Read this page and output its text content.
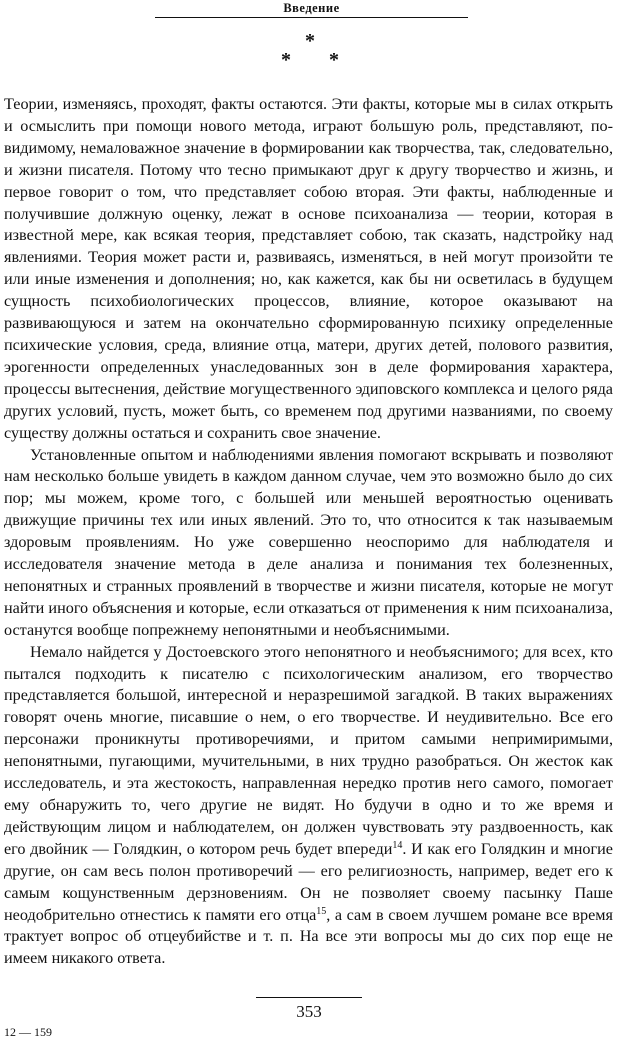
Введение
*
* *

Теории, изменяясь, проходят, факты остаются. Эти факты, которые мы в силах открыть и осмыслить при помощи нового метода, играют большую роль, представляют, по-видимому, немаловажное значение в формировании как творчества, так, следовательно, и жизни писателя. Потому что тесно примыкают друг к другу творчество и жизнь, и первое говорит о том, что представляет собою вторая. Эти факты, наблюденные и получившие должную оценку, лежат в основе психоанализа — теории, которая в известной мере, как всякая теория, представляет собою, так сказать, надстройку над явлениями. Теория может расти и, развиваясь, изменяться, в ней могут произойти те или иные изменения и дополнения; но, как кажется, как бы ни осветилась в будущем сущность психобиологических процессов, влияние, которое оказывают на развивающуюся и затем на окончательно сформированную психику определенные психические условия, среда, влияние отца, матери, других детей, полового развития, эрогенности определенных унаследованных зон в деле формирования характера, процессы вытеснения, действие могущественного эдиповского комплекса и целого ряда других условий, пусть, может быть, со временем под другими названиями, по своему существу должны остаться и сохранить свое значение.

Установленные опытом и наблюдениями явления помогают вскрывать и позволяют нам несколько больше увидеть в каждом данном случае, чем это возможно было до сих пор; мы можем, кроме того, с большей или меньшей вероятностью оценивать движущие причины тех или иных явлений. Это то, что относится к так называемым здоровым проявлениям. Но уже совершенно неоспоримо для наблюдателя и исследователя значение метода в деле анализа и понимания тех болезненных, непонятных и странных проявлений в творчестве и жизни писателя, которые не могут найти иного объяснения и которые, если отказаться от применения к ним психоанализа, останутся вообще попрежнему непонятными и необъяснимыми.

Немало найдется у Достоевского этого непонятного и необъяснимого; для всех, кто пытался подходить к писателю с психологическим анализом, его творчество представляется большой, интересной и неразрешимой загадкой. В таких выражениях говорят очень многие, писавшие о нем, о его творчестве. И неудивительно. Все его персонажи проникнуты противоречиями, и притом самыми непримиримыми, непонятными, пугающими, мучительными, в них трудно разобраться. Он жесток как исследователь, и эта жестокость, направленная нередко против него самого, помогает ему обнаружить то, чего другие не видят. Но будучи в одно и то же время и действующим лицом и наблюдателем, он должен чувствовать эту раздвоенность, как его двойник — Голядкин, о котором речь будет впереди$^{14}$. И как его Голядкин и многие другие, он сам весь полон противоречий — его религиозность, например, ведет его к самым кощунственным дерзновениям. Он не позволяет своему пасынку Паше неодобрительно отнестись к памяти его отца$^{15}$, а сам в своем лучшем романе все время трактует вопрос об отцеубийстве и т. п. На все эти вопросы мы до сих пор еще не имеем никакого ответа.

353
12 — 159
